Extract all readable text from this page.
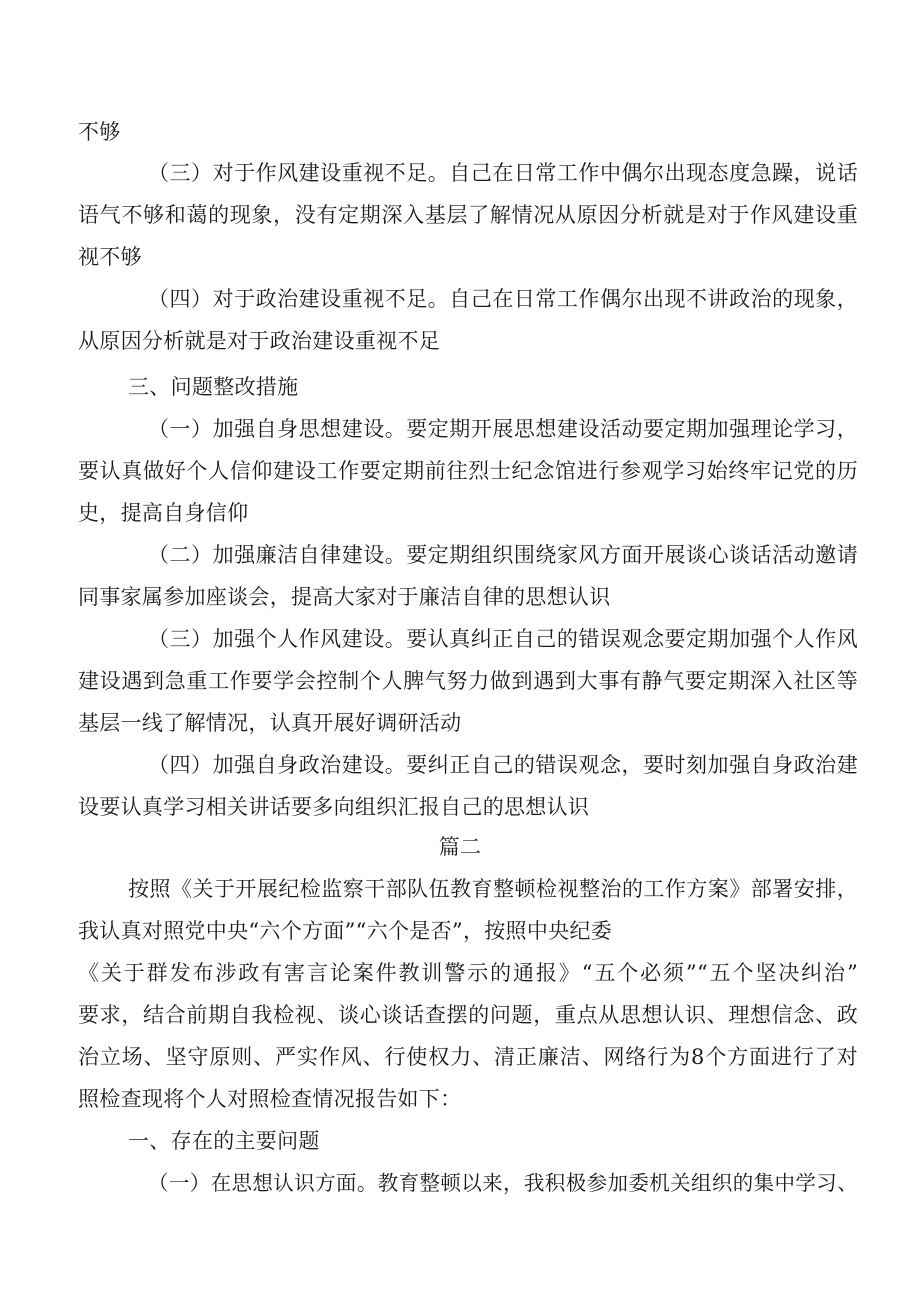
不够
（三）对于作风建设重视不足。自己在日常工作中偶尔出现态度急躁，说话
语气不够和蔼的现象，没有定期深入基层了解情况从原因分析就是对于作风建设重
视不够
（四）对于政治建设重视不足。自己在日常工作偶尔出现不讲政治的现象，
从原因分析就是对于政治建设重视不足
三、问题整改措施
（一）加强自身思想建设。要定期开展思想建设活动要定期加强理论学习，
要认真做好个人信仰建设工作要定期前往烈士纪念馆进行参观学习始终牢记党的历
史，提高自身信仰
（二）加强廉洁自律建设。要定期组织围绕家风方面开展谈心谈话活动邀请
同事家属参加座谈会，提高大家对于廉洁自律的思想认识
（三）加强个人作风建设。要认真纠正自己的错误观念要定期加强个人作风
建设遇到急重工作要学会控制个人脾气努力做到遇到大事有静气要定期深入社区等
基层一线了解情况，认真开展好调研活动
（四）加强自身政治建设。要纠正自己的错误观念，要时刻加强自身政治建
设要认真学习相关讲话要多向组织汇报自己的思想认识
篇二
按照《关于开展纪检监察干部队伍教育整顿检视整治的工作方案》部署安排，
我认真对照党中央“六个方面”“六个是否”，按照中央纪委
《关于群发布涉政有害言论案件教训警示的通报》“五个必须”“五个坚决纠治”
要求，结合前期自我检视、谈心谈话查摆的问题，重点从思想认识、理想信念、政
治立场、坚守原则、严实作风、行使权力、清正廉洁、网络行为8个方面进行了对
照检查现将个人对照检查情况报告如下：
一、存在的主要问题
（一）在思想认识方面。教育整顿以来，我积极参加委机关组织的集中学习、
